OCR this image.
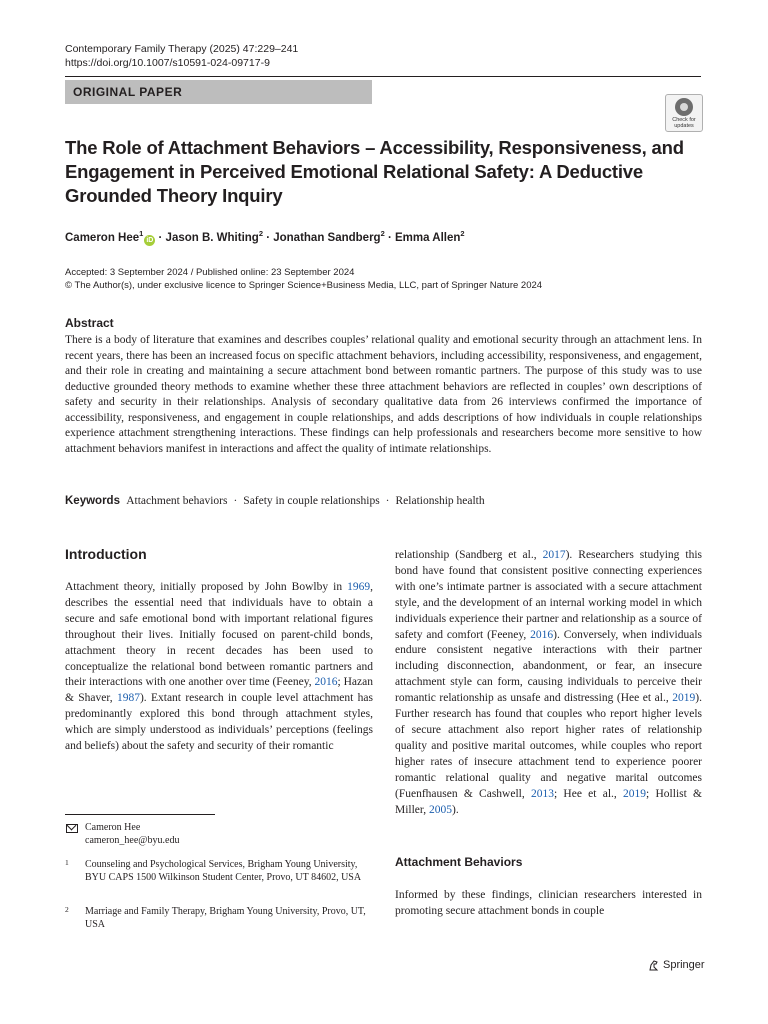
Contemporary Family Therapy (2025) 47:229–241
https://doi.org/10.1007/s10591-024-09717-9
ORIGINAL PAPER
Check for updates
The Role of Attachment Behaviors – Accessibility, Responsiveness, and Engagement in Perceived Emotional Relational Safety: A Deductive Grounded Theory Inquiry
Cameron Hee$^1$iD · Jason B. Whiting$^2$ · Jonathan Sandberg$^2$ · Emma Allen$^2$
Accepted: 3 September 2024 / Published online: 23 September 2024
© The Author(s), under exclusive licence to Springer Science+Business Media, LLC, part of Springer Nature 2024
Abstract
There is a body of literature that examines and describes couples’ relational quality and emotional security through an attachment lens. In recent years, there has been an increased focus on specific attachment behaviors, including accessibility, responsiveness, and engagement, and their role in creating and maintaining a secure attachment bond between romantic partners. The purpose of this study was to use deductive grounded theory methods to examine whether these three attachment behaviors are reflected in couples’ own descriptions of safety and security in their relationships. Analysis of secondary qualitative data from 26 interviews confirmed the importance of accessibility, responsiveness, and engagement in couple relationships, and adds descriptions of how individuals in couple relationships experience attachment strengthening interactions. These findings can help professionals and researchers become more sensitive to how attachment behaviors manifest in interactions and affect the quality of intimate relationships.
Keywords Attachment behaviors · Safety in couple relationships · Relationship health
Introduction

Attachment theory, initially proposed by John Bowlby in 1969, describes the essential need that individuals have to obtain a secure and safe emotional bond with important relational figures throughout their lives. Initially focused on parent-child bonds, attachment theory in recent decades has been used to conceptualize the relational bond between romantic partners and their interactions with one another over time (Feeney, 2016; Hazan & Shaver, 1987). Extant research in couple level attachment has predominantly explored this bond through attachment styles, which are simply understood as individuals’ perceptions (feelings and beliefs) about the safety and security of their romantic

relationship (Sandberg et al., 2017). Researchers studying this bond have found that consistent positive connecting experiences with one’s intimate partner is associated with a secure attachment style, and the development of an internal working model in which individuals experience their partner and relationship as a source of safety and comfort (Feeney, 2016). Conversely, when individuals endure consistent negative interactions with their partner including disconnection, abandonment, or fear, an insecure attachment style can form, causing individuals to perceive their romantic relationship as unsafe and distressing (Hee et al., 2019). Further research has found that couples who report higher levels of secure attachment also report higher rates of relationship quality and positive marital outcomes, while couples who report higher rates of insecure attachment tend to experience poorer romantic relational quality and negative marital outcomes (Fuenfhausen & Cashwell, 2013; Hee et al., 2019; Hollist & Miller, 2005).

Cameron Hee
cameron_hee@byu.edu
1 Counseling and Psychological Services, Brigham Young University, BYU CAPS 1500 Wilkinson Student Center, Provo, UT 84602, USA
2 Marriage and Family Therapy, Brigham Young University, Provo, UT, USA
Attachment Behaviors
Informed by these findings, clinician researchers interested in promoting secure attachment bonds in couple
Springer
